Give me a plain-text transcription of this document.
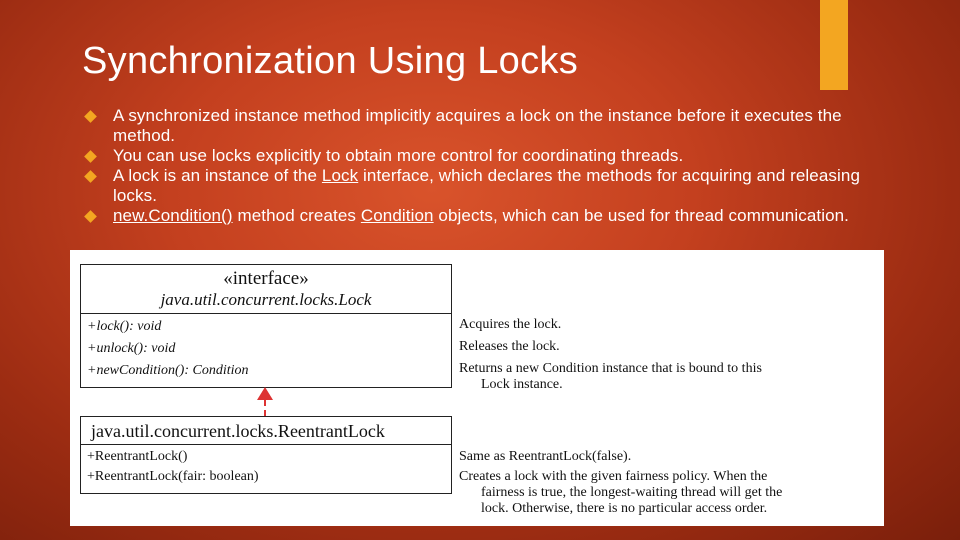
Synchronization Using Locks
A synchronized instance method implicitly acquires a lock on the instance before it executes the method.
You can use locks explicitly to obtain more control for coordinating threads.
A lock is an instance of the Lock interface, which declares the methods for acquiring and releasing locks.
new.Condition() method creates Condition objects, which can be used for thread communication.
«interface»
java.util.concurrent.locks.Lock
+lock(): void
+unlock(): void
+newCondition(): Condition
java.util.concurrent.locks.ReentrantLock
+ReentrantLock()
+ReentrantLock(fair: boolean)
Acquires the lock.
Releases the lock.
Returns a new Condition instance that is bound to this
Lock instance.
Same as ReentrantLock(false).
Creates a lock with the given fairness policy. When the
fairness is true, the longest-waiting thread will get the
lock. Otherwise, there is no particular access order.
